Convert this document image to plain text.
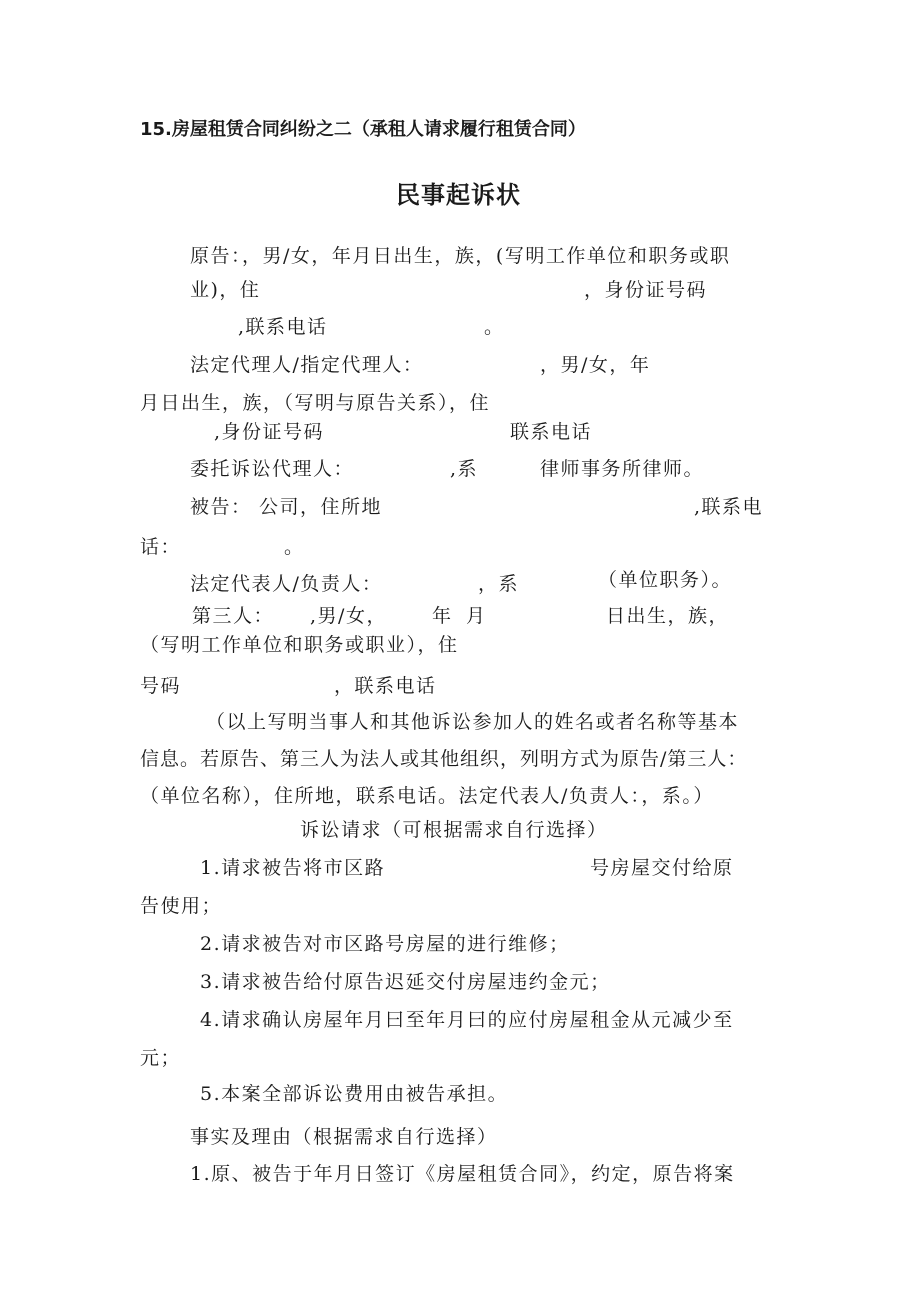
15.房屋租赁合同纠纷之二（承租人请求履行租赁合同）
民事起诉状
原告：，男/女，年月日出生，族，(写明工作单位和职务或职
业)，住	，身份证号码
,联系电话	。
法定代理人/指定代理人：	，男/女，年
月日出生，族，（写明与原告关系），住
,身份证号码	联系电话
委托诉讼代理人：	,系	律师事务所律师。
被告： 公司，住所地	,联系电
话：	。
法定代表人/负责人：	，系	（单位职务）。
第三人： ,男/女， 年 月	日出生，族，
（写明工作单位和职务或职业），住
号码	，联系电话
（以上写明当事人和其他诉讼参加人的姓名或者名称等基本
信息。若原告、第三人为法人或其他组织，列明方式为原告/第三人：
（单位名称），住所地，联系电话。法定代表人/负责人：，系。）
诉讼请求（可根据需求自行选择）
1.请求被告将市区路	号房屋交付给原
告使用；
2.请求被告对市区路号房屋的进行维修；
3.请求被告给付原告迟延交付房屋违约金元；
4.请求确认房屋年月曰至年月曰的应付房屋租金从元减少至
元；
5.本案全部诉讼费用由被告承担。
事实及理由（根据需求自行选择）
1.原、被告于年月日签订《房屋租赁合同》，约定，原告将案
